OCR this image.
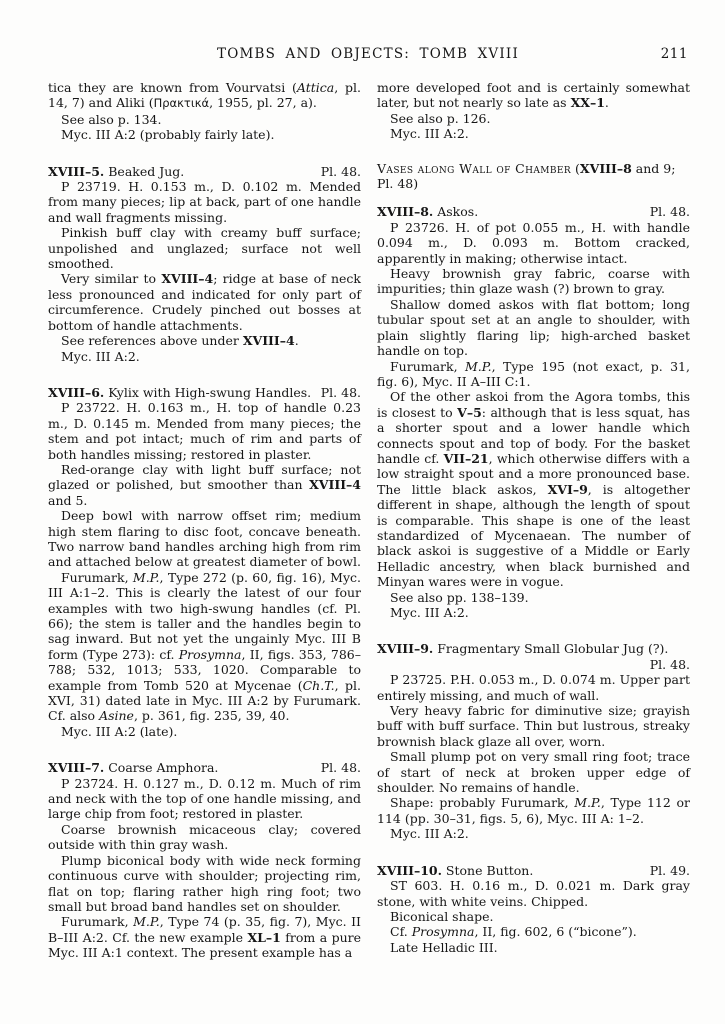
TOMBS AND OBJECTS: TOMB XVIII	211
tica they are known from Vourvatsi (Attica, pl. 14, 7) and Aliki (Πρακτικά, 1955, pl. 27, a).
See also p. 134.
Myc. III A:2 (probably fairly late).
XVIII–5. Beaked Jug.	Pl. 48.
P 23719. H. 0.153 m., D. 0.102 m. Mended from many pieces; lip at back, part of one handle and wall fragments missing.
Pinkish buff clay with creamy buff surface; unpolished and unglazed; surface not well smoothed.
Very similar to XVIII–4; ridge at base of neck less pronounced and indicated for only part of circumference. Crudely pinched out bosses at bottom of handle attachments.
See references above under XVIII–4.
Myc. III A:2.
XVIII–6. Kylix with High-swung Handles. Pl. 48.
P 23722. H. 0.163 m., H. top of handle 0.23 m., D. 0.145 m. Mended from many pieces; the stem and pot intact; much of rim and parts of both handles missing; restored in plaster.
Red-orange clay with light buff surface; not glazed or polished, but smoother than XVIII–4 and 5.
Deep bowl with narrow offset rim; medium high stem flaring to disc foot, concave beneath. Two narrow band handles arching high from rim and attached below at greatest diameter of bowl.
Furumark, M.P., Type 272 (p. 60, fig. 16), Myc. III A:1–2. This is clearly the latest of our four examples with two high-swung handles (cf. Pl. 66); the stem is taller and the handles begin to sag inward. But not yet the ungainly Myc. III B form (Type 273): cf. Prosymna, II, figs. 353, 786–788; 532, 1013; 533, 1020. Comparable to example from Tomb 520 at Mycenae (Ch.T., pl. XVI, 31) dated late in Myc. III A:2 by Furumark. Cf. also Asine, p. 361, fig. 235, 39, 40.
Myc. III A:2 (late).
XVIII–7. Coarse Amphora.	Pl. 48.
P 23724. H. 0.127 m., D. 0.12 m. Much of rim and neck with the top of one handle missing, and large chip from foot; restored in plaster.
Coarse brownish micaceous clay; covered outside with thin gray wash.
Plump biconical body with wide neck forming continuous curve with shoulder; projecting rim, flat on top; flaring rather high ring foot; two small but broad band handles set on shoulder.
Furumark, M.P., Type 74 (p. 35, fig. 7), Myc. II B–III A:2. Cf. the new example XL–1 from a pure Myc. III A:1 context. The present example has a
more developed foot and is certainly somewhat later, but not nearly so late as XX–1.
See also p. 126.
Myc. III A:2.
Vases along Wall of Chamber (XVIII–8 and 9; Pl. 48)
XVIII–8. Askos.	Pl. 48.
P 23726. H. of pot 0.055 m., H. with handle 0.094 m., D. 0.093 m. Bottom cracked, apparently in making; otherwise intact.
Heavy brownish gray fabric, coarse with impurities; thin glaze wash (?) brown to gray.
Shallow domed askos with flat bottom; long tubular spout set at an angle to shoulder, with plain slightly flaring lip; high-arched basket handle on top.
Furumark, M.P., Type 195 (not exact, p. 31, fig. 6), Myc. II A–III C:1.
Of the other askoi from the Agora tombs, this is closest to V–5: although that is less squat, has a shorter spout and a lower handle which connects spout and top of body. For the basket handle cf. VII–21, which otherwise differs with a low straight spout and a more pronounced base. The little black askos, XVI–9, is altogether different in shape, although the length of spout is comparable. This shape is one of the least standardized of Mycenaean. The number of black askoi is suggestive of a Middle or Early Helladic ancestry, when black burnished and Minyan wares were in vogue.
See also pp. 138–139.
Myc. III A:2.
XVIII–9. Fragmentary Small Globular Jug (?).
Pl. 48.
P 23725. P.H. 0.053 m., D. 0.074 m. Upper part entirely missing, and much of wall.
Very heavy fabric for diminutive size; grayish buff with buff surface. Thin but lustrous, streaky brownish black glaze all over, worn.
Small plump pot on very small ring foot; trace of start of neck at broken upper edge of shoulder. No remains of handle.
Shape: probably Furumark, M.P., Type 112 or 114 (pp. 30–31, figs. 5, 6), Myc. III A: 1–2.
Myc. III A:2.
XVIII–10. Stone Button.	Pl. 49.
ST 603. H. 0.16 m., D. 0.021 m. Dark gray stone, with white veins. Chipped.
Biconical shape.
Cf. Prosymna, II, fig. 602, 6 (“bicone”).
Late Helladic III.
